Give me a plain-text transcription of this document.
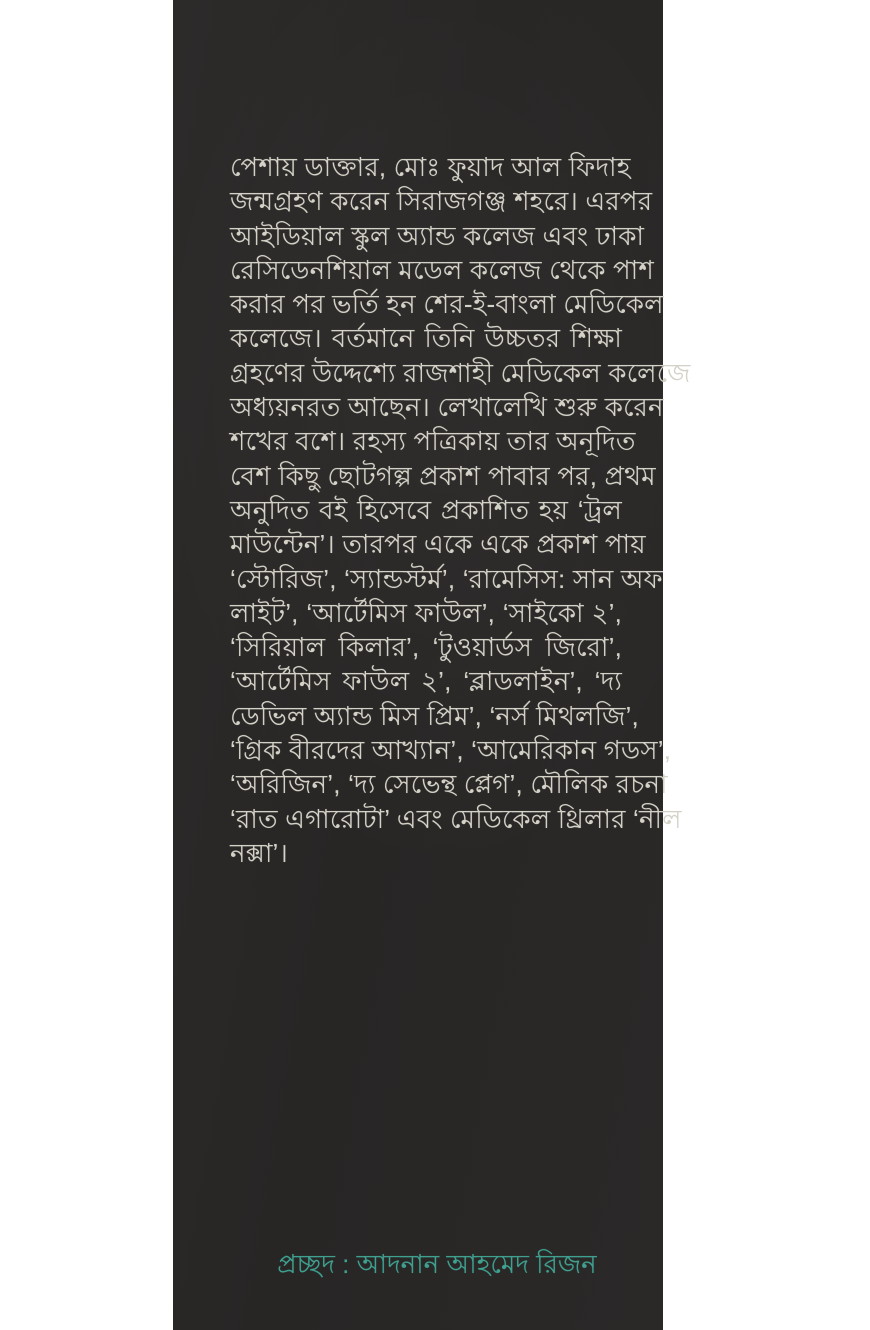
পেশায় ডাক্তার, মোঃ ফুয়াদ আল ফিদাহ
জন্মগ্রহণ করেন সিরাজগঞ্জ শহরে। এরপর
আইডিয়াল স্কুল অ্যান্ড কলেজ এবং ঢাকা
রেসিডেনশিয়াল মডেল কলেজ থেকে পাশ
করার পর ভর্তি হন শের-ই-বাংলা মেডিকেল
কলেজে। বর্তমানে তিনি উচ্চতর শিক্ষা
গ্রহণের উদ্দেশ্যে রাজশাহী মেডিকেল কলেজে
অধ্যয়নরত আছেন। লেখালেখি শুরু করেন
শখের বশে। রহস্য পত্রিকায় তার অনূদিত
বেশ কিছু ছোটগল্প প্রকাশ পাবার পর, প্রথম
অনুদিত বই হিসেবে প্রকাশিত হয় ‘ট্রল
মাউন্টেন’। তারপর একে একে প্রকাশ পায়
‘স্টোরিজ’, ‘স্যান্ডস্টর্ম’, ‘রামেসিস: সান অফ
লাইট’, ‘আর্টেমিস ফাউল’, ‘সাইকো ২’,
‘সিরিয়াল কিলার’, ‘টুওয়ার্ডস জিরো’,
‘আর্টেমিস ফাউল ২’, ‘ব্লাডলাইন’, ‘দ্য
ডেভিল অ্যান্ড মিস প্রিম’, ‘নর্স মিথলজি’,
‘গ্রিক বীরদের আখ্যান’, ‘আমেরিকান গডস’,
‘অরিজিন’, ‘দ্য সেভেন্থ প্লেগ’, মৌলিক রচনা
‘রাত এগারোটা’ এবং মেডিকেল থ্রিলার ‘নীল
নক্সা’।
প্রচ্ছদ : আদনান আহমেদ রিজন
